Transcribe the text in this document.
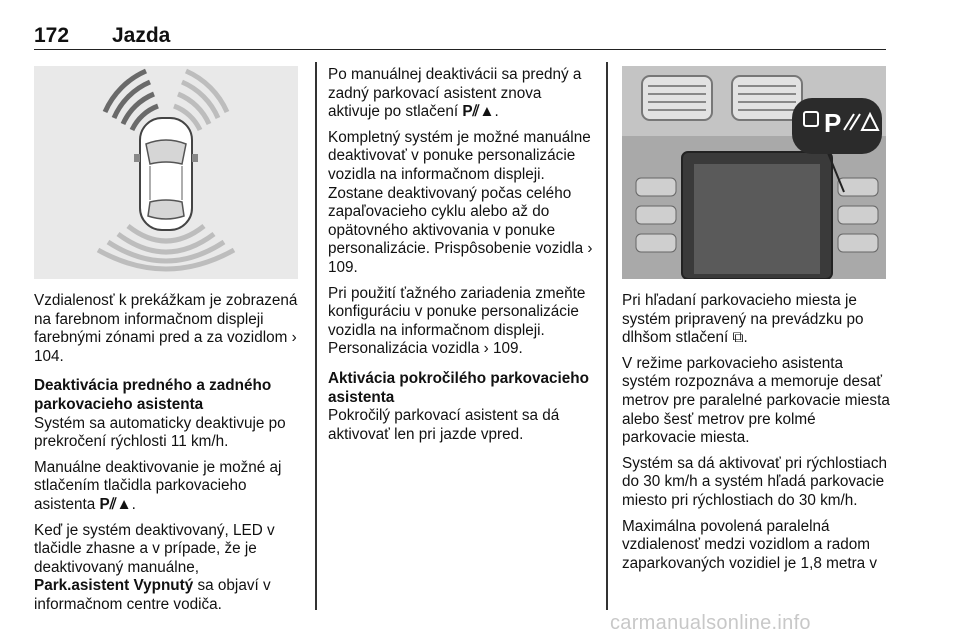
172 Jazda

Vzdialenosť k prekážkam je zobrazená na farebnom informačnom displeji farebnými zónami pred a za vozidlom › 104.

Deaktivácia predného a zadného parkovacieho asistenta

Systém sa automaticky deaktivuje po prekročení rýchlosti 11 km/h.

Manuálne deaktivovanie je možné aj stlačením tlačidla parkovacieho asistenta P⫽▲.

Keď je systém deaktivovaný, LED v tlačidle zhasne a v prípade, že je deaktivovaný manuálne,
Park.asistent Vypnutý sa objaví v informačnom centre vodiča.

Po manuálnej deaktivácii sa predný a zadný parkovací asistent znova aktivuje po stlačení P⫽▲.

Kompletný systém je možné manuálne deaktivovať v ponuke personalizácie vozidla na informačnom displeji. Zostane deaktivovaný počas celého zapaľovacieho cyklu alebo až do opätovného aktivovania v ponuke personalizácie. Prispôsobenie vozidla › 109.

Pri použití ťažného zariadenia zmeňte konfiguráciu v ponuke personalizácie vozidla na informačnom displeji. Personalizácia vozidla › 109.

Aktivácia pokročilého parkovacieho asistenta

Pokročilý parkovací asistent sa dá aktivovať len pri jazde vpred.

P

Pri hľadaní parkovacieho miesta je systém pripravený na prevádzku po dlhšom stlačení ⧉.

V režime parkovacieho asistenta systém rozpoznáva a memoruje desať metrov pre paralelné parkovacie miesta alebo šesť metrov pre kolmé parkovacie miesta.

Systém sa dá aktivovať pri rýchlostiach do 30 km/h a systém hľadá parkovacie miesto pri rýchlostiach do 30 km/h.

Maximálna povolená paralelná vzdialenosť medzi vozidlom a radom zaparkovaných vozidiel je 1,8 metra v

carmanualsonline.info
